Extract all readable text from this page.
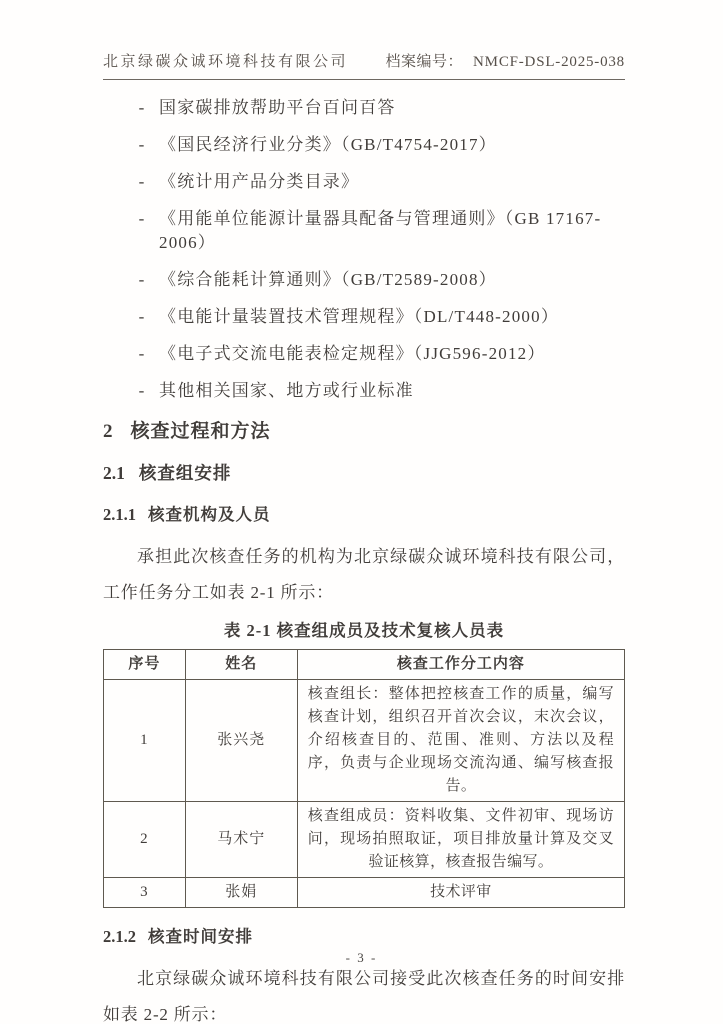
北京绿碳众诚环境科技有限公司	档案编号： NMCF-DSL-2025-038
- 国家碳排放帮助平台百问百答
- 《国民经济行业分类》（GB/T4754-2017）
- 《统计用产品分类目录》
- 《用能单位能源计量器具配备与管理通则》（GB 17167-2006）
- 《综合能耗计算通则》（GB/T2589-2008）
- 《电能计量装置技术管理规程》（DL/T448-2000）
- 《电子式交流电能表检定规程》（JJG596-2012）
- 其他相关国家、地方或行业标准
2 核查过程和方法
2.1 核查组安排
2.1.1 核查机构及人员

承担此次核查任务的机构为北京绿碳众诚环境科技有限公司，工作任务分工如表 2-1 所示：

表 2-1 核查组成员及技术复核人员表
序号	姓名	核查工作分工内容
1	张兴尧	核查组长：整体把控核查工作的质量，编写核查计划，组织召开首次会议，末次会议，介绍核查目的、范围、准则、方法以及程序，负责与企业现场交流沟通、编写核查报告。
2	马术宁	核查组成员：资料收集、文件初审、现场访问，现场拍照取证，项目排放量计算及交叉验证核算，核查报告编写。
3	张娟	技术评审
2.1.2 核查时间安排

北京绿碳众诚环境科技有限公司接受此次核查任务的时间安排如表 2-2 所示：

- 3 -
